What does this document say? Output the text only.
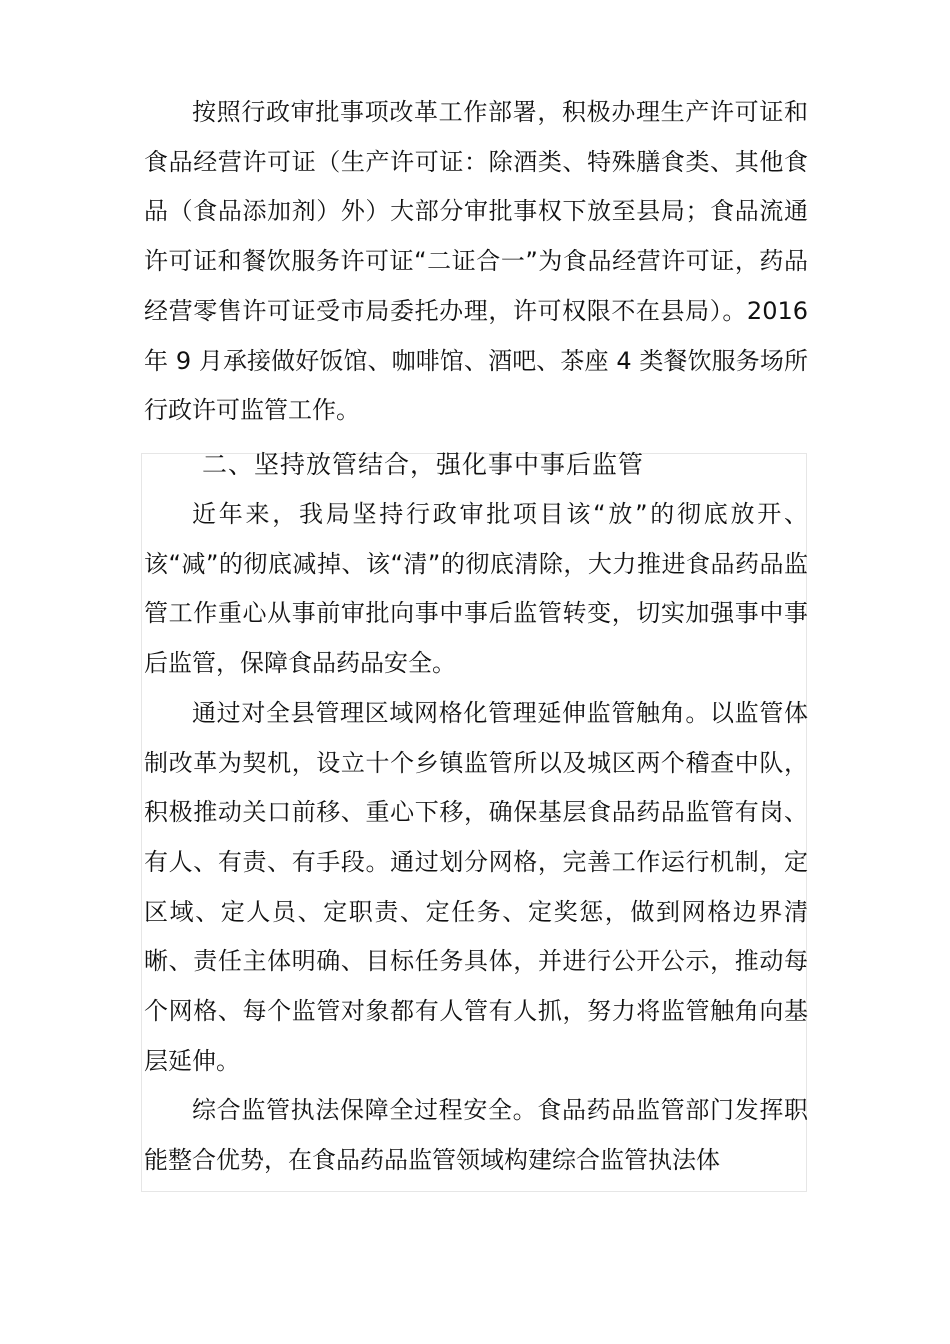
按照行政审批事项改革工作部署，积极办理生产许可证和食品经营许可证（生产许可证：除酒类、特殊膳食类、其他食品（食品添加剂）外）大部分审批事权下放至县局；食品流通许可证和餐饮服务许可证“二证合一”为食品经营许可证，药品经营零售许可证受市局委托办理，许可权限不在县局）。2016 年 9 月承接做好饭馆、咖啡馆、酒吧、茶座 4 类餐饮服务场所行政许可监管工作。

二、坚持放管结合，强化事中事后监管

近年来，我局坚持行政审批项目该“放”的彻底放开、该“减”的彻底减掉、该“清”的彻底清除，大力推进食品药品监管工作重心从事前审批向事中事后监管转变，切实加强事中事后监管，保障食品药品安全。

通过对全县管理区域网格化管理延伸监管触角。以监管体制改革为契机，设立十个乡镇监管所以及城区两个稽查中队，积极推动关口前移、重心下移，确保基层食品药品监管有岗、有人、有责、有手段。通过划分网格，完善工作运行机制，定区域、定人员、定职责、定任务、定奖惩，做到网格边界清晰、责任主体明确、目标任务具体，并进行公开公示，推动每个网格、每个监管对象都有人管有人抓，努力将监管触角向基层延伸。

综合监管执法保障全过程安全。食品药品监管部门发挥职能整合优势，在食品药品监管领域构建综合监管执法体
